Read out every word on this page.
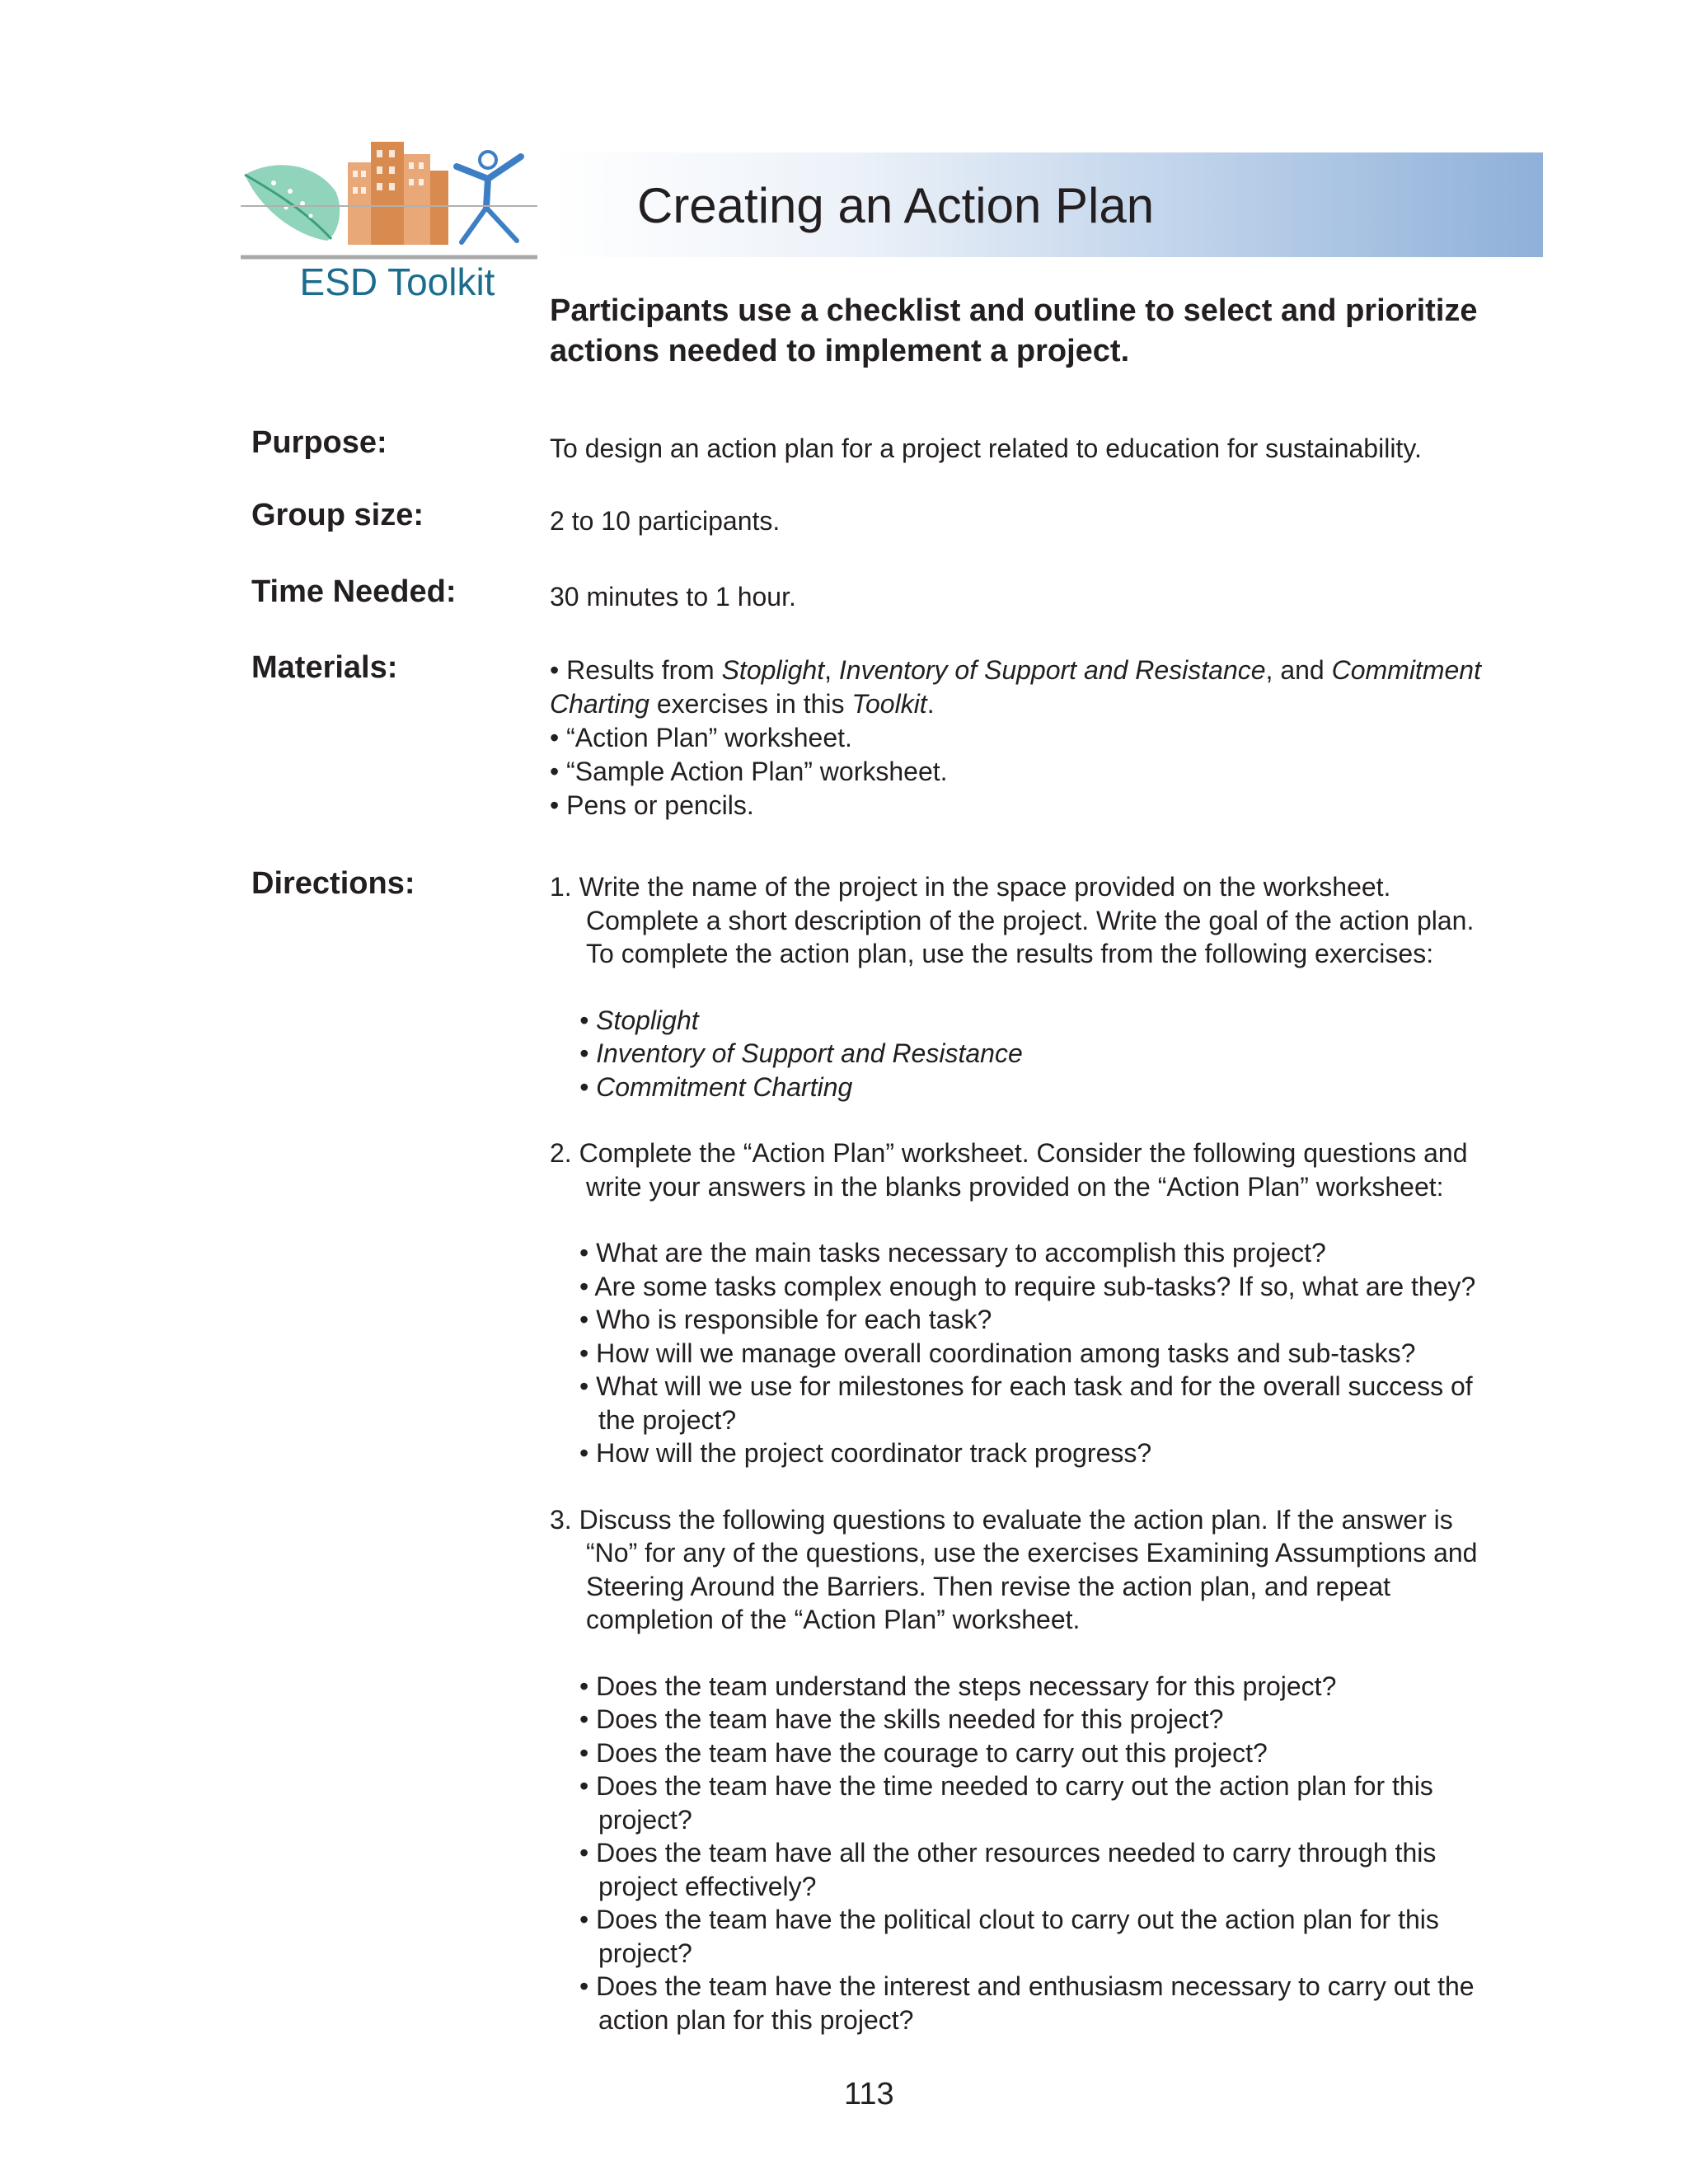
ESD Toolkit
Creating an Action Plan
Participants use a checklist and outline to select and prioritize actions needed to implement a project.
Purpose:	To design an action plan for a project related to education for sustainability.
Group size:	2 to 10 participants.
Time Needed:	30 minutes to 1 hour.
Materials:	• Results from Stoplight, Inventory of Support and Resistance, and Commitment
Charting exercises in this Toolkit.
• “Action Plan” worksheet.
• “Sample Action Plan” worksheet.
• Pens or pencils.
Directions:	1. Write the name of the project in the space provided on the worksheet.
Complete a short description of the project. Write the goal of the action plan.
To complete the action plan, use the results from the following exercises:
• Stoplight
• Inventory of Support and Resistance
• Commitment Charting
2. Complete the “Action Plan” worksheet. Consider the following questions and
write your answers in the blanks provided on the “Action Plan” worksheet:
• What are the main tasks necessary to accomplish this project?
• Are some tasks complex enough to require sub-tasks? If so, what are they?
• Who is responsible for each task?
• How will we manage overall coordination among tasks and sub-tasks?
• What will we use for milestones for each task and for the overall success of
the project?
• How will the project coordinator track progress?
3. Discuss the following questions to evaluate the action plan. If the answer is
“No” for any of the questions, use the exercises Examining Assumptions and
Steering Around the Barriers. Then revise the action plan, and repeat
completion of the “Action Plan” worksheet.
• Does the team understand the steps necessary for this project?
• Does the team have the skills needed for this project?
• Does the team have the courage to carry out this project?
• Does the team have the time needed to carry out the action plan for this
project?
• Does the team have all the other resources needed to carry through this
project effectively?
• Does the team have the political clout to carry out the action plan for this
project?
• Does the team have the interest and enthusiasm necessary to carry out the
action plan for this project?
113
